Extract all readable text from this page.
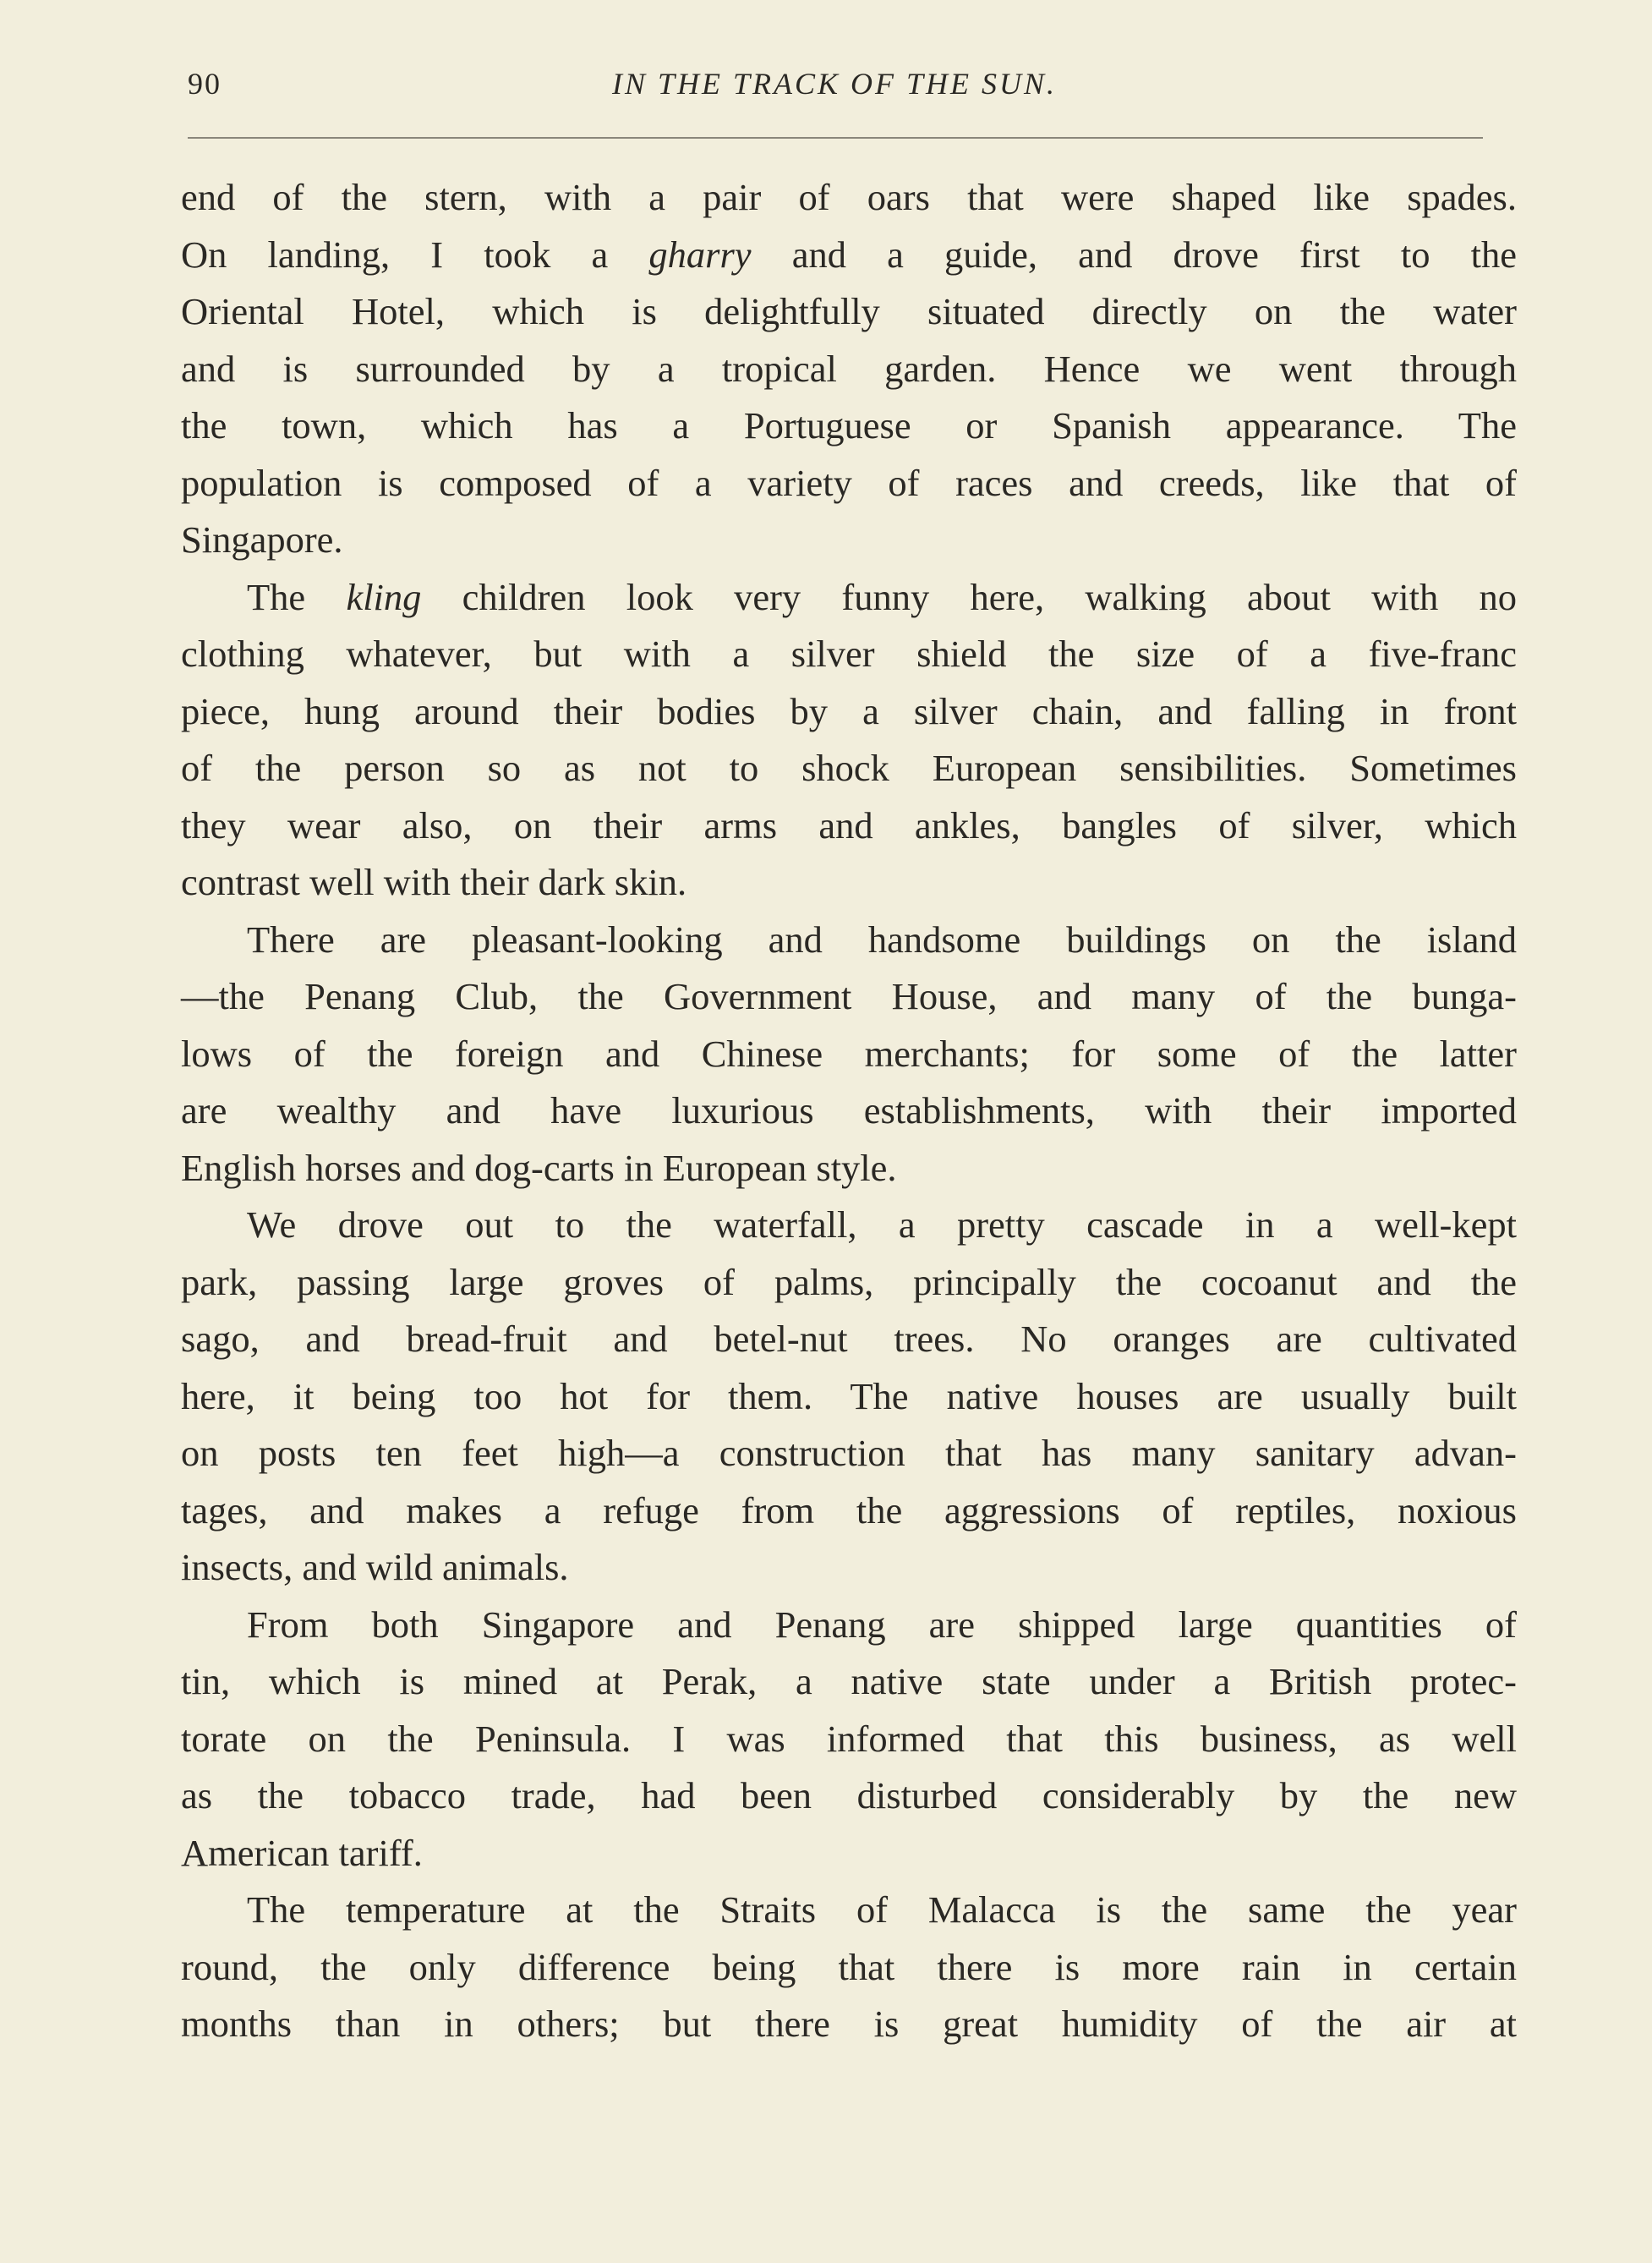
90	IN THE TRACK OF THE SUN.

end of the stern, with a pair of oars that were shaped like spades.
On landing, I took a gharry and a guide, and drove first to the
Oriental Hotel, which is delightfully situated directly on the water
and is surrounded by a tropical garden. Hence we went through
the town, which has a Portuguese or Spanish appearance. The
population is composed of a variety of races and creeds, like that of
Singapore.

The kling children look very funny here, walking about with no
clothing whatever, but with a silver shield the size of a five-franc
piece, hung around their bodies by a silver chain, and falling in front
of the person so as not to shock European sensibilities. Sometimes
they wear also, on their arms and ankles, bangles of silver, which
contrast well with their dark skin.

There are pleasant-looking and handsome buildings on the island
—the Penang Club, the Government House, and many of the bunga-
lows of the foreign and Chinese merchants; for some of the latter
are wealthy and have luxurious establishments, with their imported
English horses and dog-carts in European style.

We drove out to the waterfall, a pretty cascade in a well-kept
park, passing large groves of palms, principally the cocoanut and the
sago, and bread-fruit and betel-nut trees. No oranges are cultivated
here, it being too hot for them. The native houses are usually built
on posts ten feet high—a construction that has many sanitary advan-
tages, and makes a refuge from the aggressions of reptiles, noxious
insects, and wild animals.

From both Singapore and Penang are shipped large quantities of
tin, which is mined at Perak, a native state under a British protec-
torate on the Peninsula. I was informed that this business, as well
as the tobacco trade, had been disturbed considerably by the new
American tariff.

The temperature at the Straits of Malacca is the same the year
round, the only difference being that there is more rain in certain
months than in others; but there is great humidity of the air at
